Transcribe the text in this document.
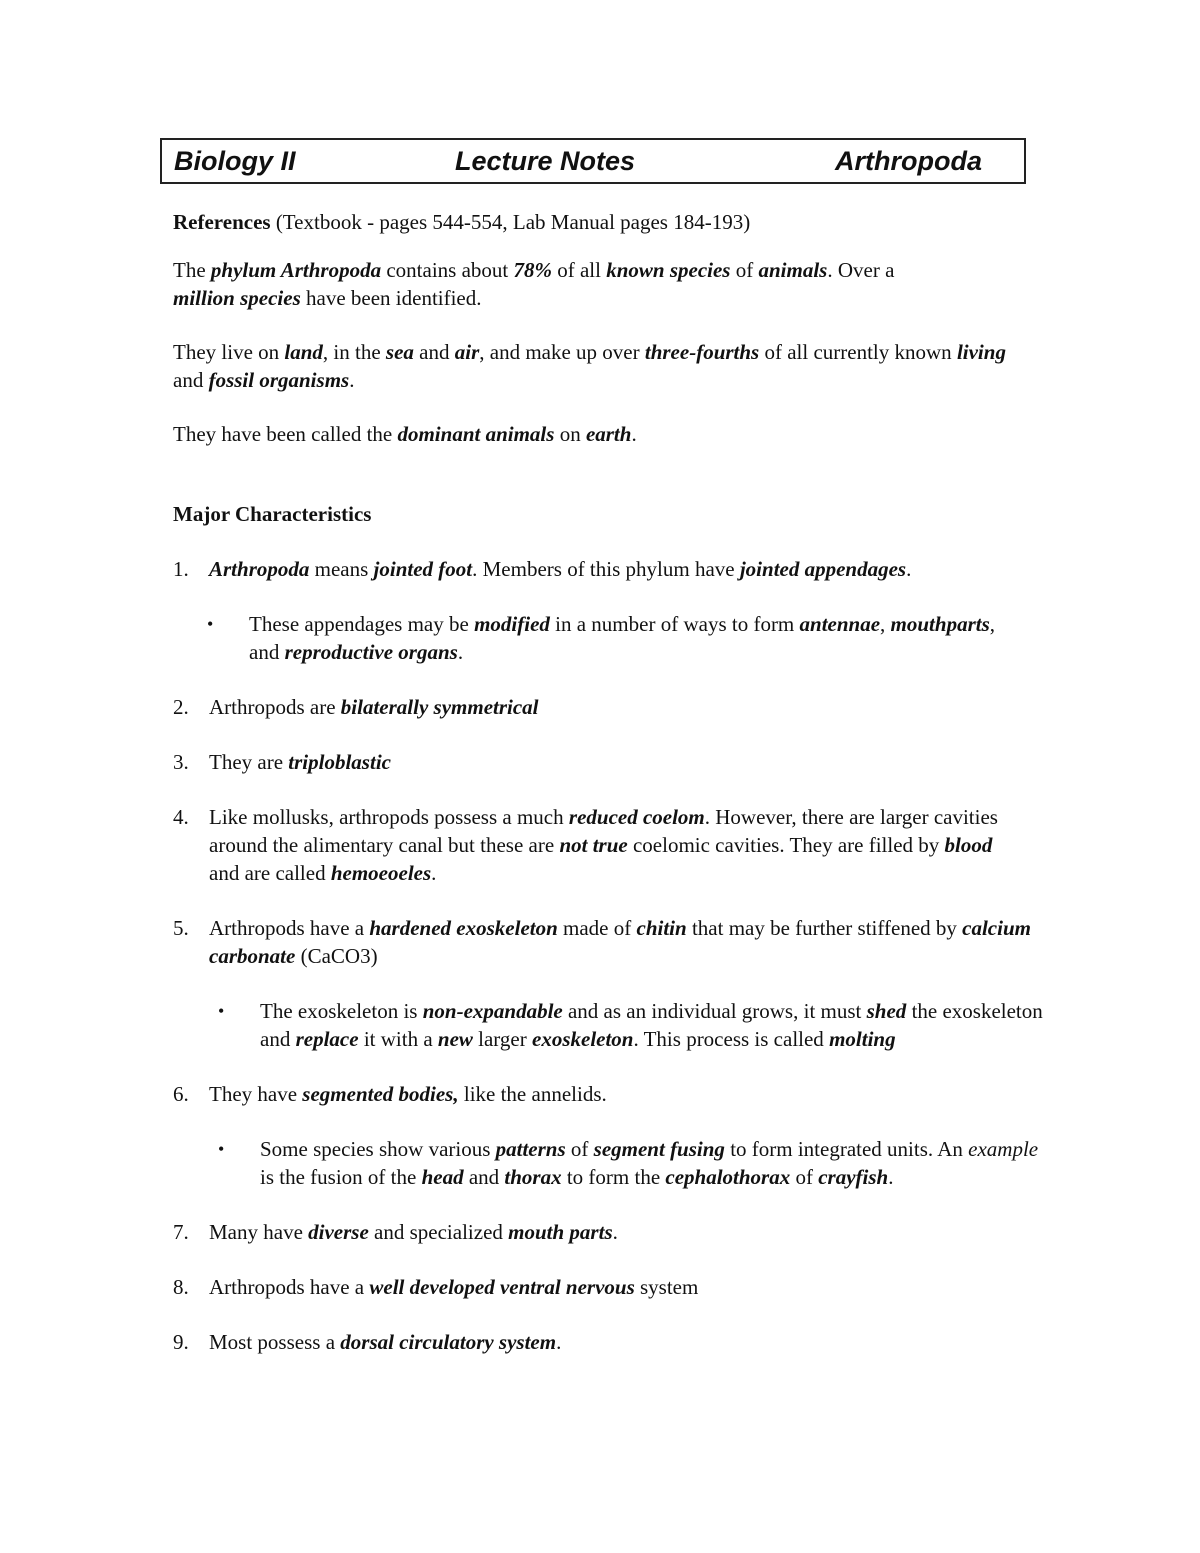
Biology II	Lecture Notes	Arthropoda

References (Textbook - pages 544-554, Lab Manual pages 184-193)

The phylum Arthropoda contains about 78% of all known species of animals. Over a
million species have been identified.

They live on land, in the sea and air, and make up over three-fourths of all currently known living and fossil organisms.

They have been called the dominant animals on earth.

Major Characteristics

1. Arthropoda means jointed foot. Members of this phylum have jointed appendages.

• These appendages may be modified in a number of ways to form antennae, mouthparts, and reproductive organs.

2. Arthropods are bilaterally symmetrical

3. They are triploblastic

4. Like mollusks, arthropods possess a much reduced coelom. However, there are larger cavities around the alimentary canal but these are not true coelomic cavities. They are filled by blood and are called hemoeoeles.

5. Arthropods have a hardened exoskeleton made of chitin that may be further stiffened by calcium carbonate (CaCO3)

• The exoskeleton is non-expandable and as an individual grows, it must shed the exoskeleton and replace it with a new larger exoskeleton. This process is called molting

6. They have segmented bodies, like the annelids.

• Some species show various patterns of segment fusing to form integrated units. An example is the fusion of the head and thorax to form the cephalothorax of crayfish.

7. Many have diverse and specialized mouth parts.

8. Arthropods have a well developed ventral nervous system

9. Most possess a dorsal circulatory system.
